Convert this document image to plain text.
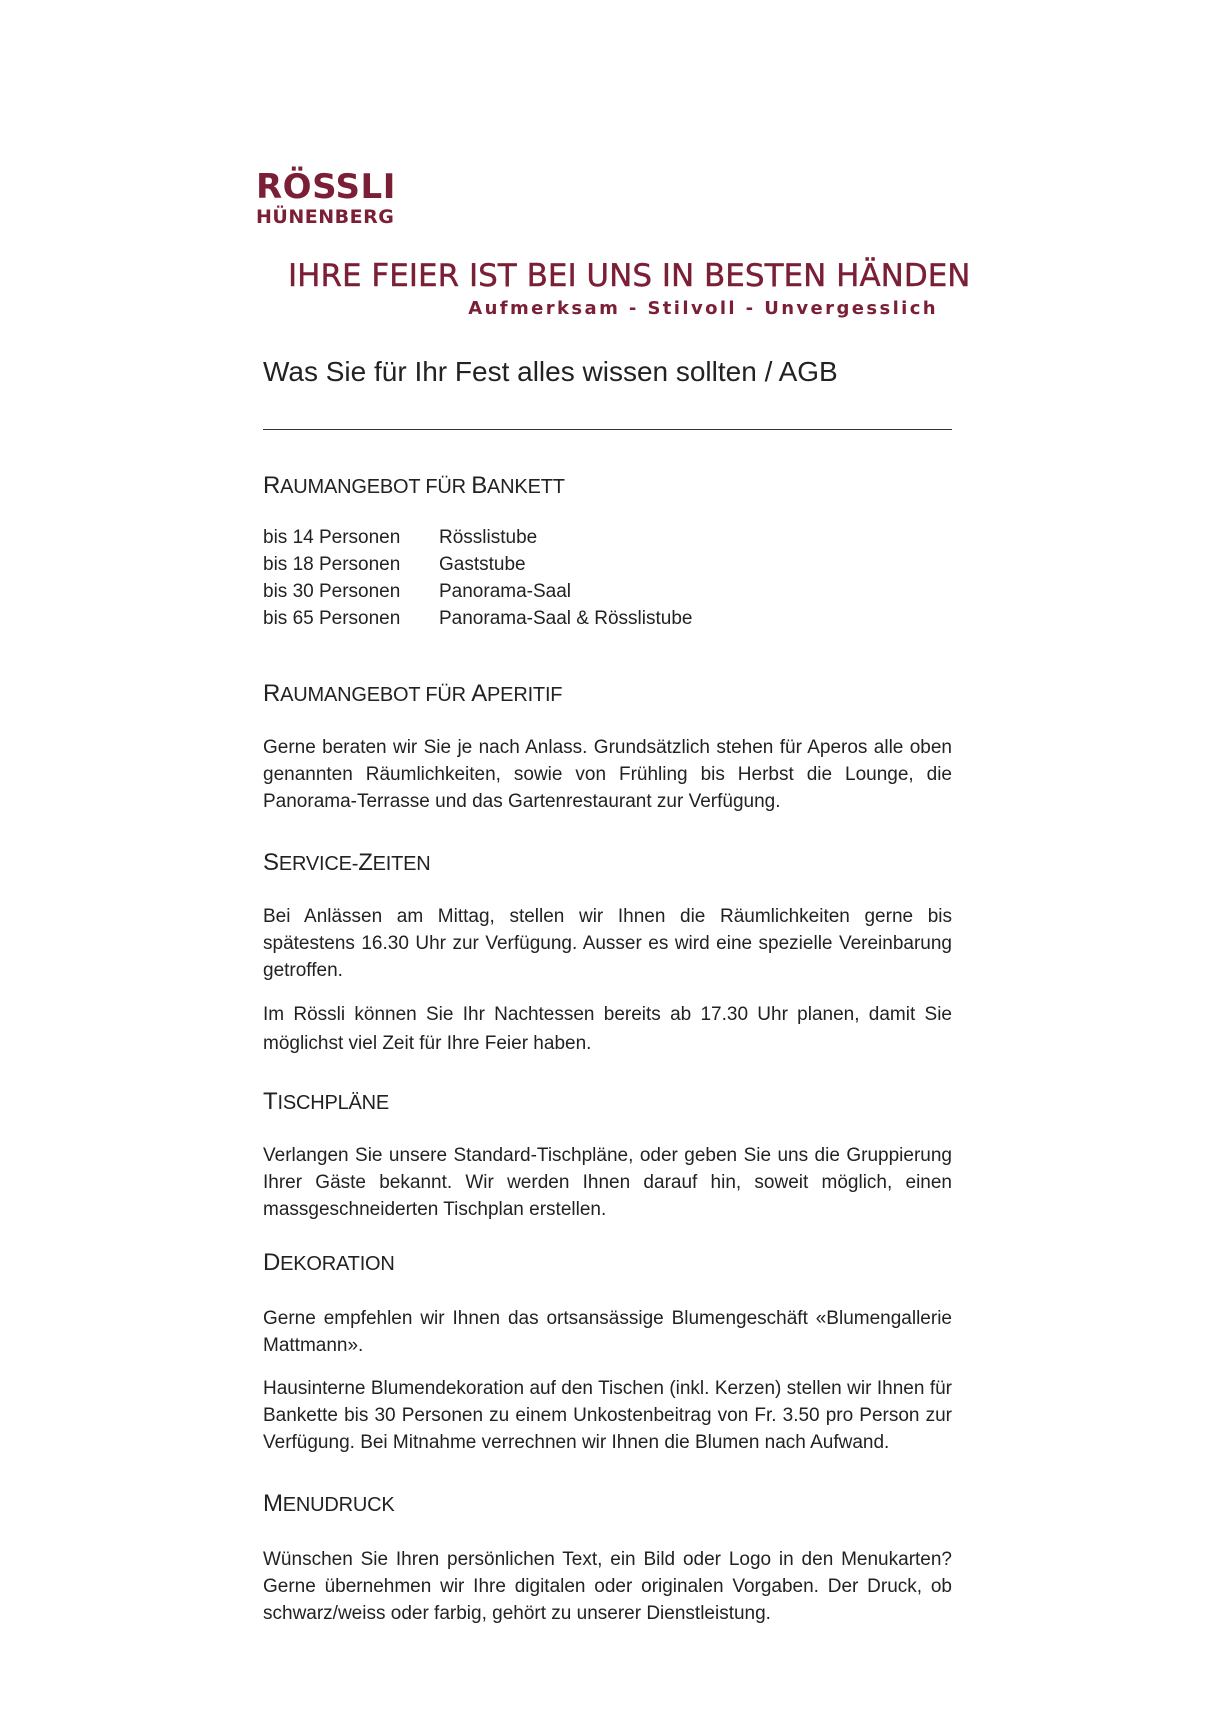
RÖSSLI
HÜNENBERG
IHRE FEIER IST BEI UNS IN BESTEN HÄNDEN
Aufmerksam - Stilvoll - Unvergesslich
Was Sie für Ihr Fest alles wissen sollten / AGB
RAUMANGEBOT FÜR BANKETT
bis 14 Personen	Rösslistube
bis 18 Personen	Gaststube
bis 30 Personen	Panorama-Saal
bis 65 Personen	Panorama-Saal & Rösslistube
RAUMANGEBOT FÜR APERITIF

Gerne beraten wir Sie je nach Anlass. Grundsätzlich stehen für Aperos alle oben genannten Räumlichkeiten, sowie von Frühling bis Herbst die Lounge, die Panorama-Terrasse und das Gartenrestaurant zur Verfügung.

SERVICE-ZEITEN

Bei Anlässen am Mittag, stellen wir Ihnen die Räumlichkeiten gerne bis spätestens 16.30 Uhr zur Verfügung. Ausser es wird eine spezielle Vereinbarung getroffen.

Im Rössli können Sie Ihr Nachtessen bereits ab 17.30 Uhr planen, damit Sie möglichst viel Zeit für Ihre Feier haben.

TISCHPLÄNE

Verlangen Sie unsere Standard-Tischpläne, oder geben Sie uns die Gruppierung Ihrer Gäste bekannt. Wir werden Ihnen darauf hin, soweit möglich, einen massgeschneiderten Tischplan erstellen.

DEKORATION

Gerne empfehlen wir Ihnen das ortsansässige Blumengeschäft «Blumengallerie Mattmann».

Hausinterne Blumendekoration auf den Tischen (inkl. Kerzen) stellen wir Ihnen für Bankette bis 30 Personen zu einem Unkostenbeitrag von Fr. 3.50 pro Person zur Verfügung. Bei Mitnahme verrechnen wir Ihnen die Blumen nach Aufwand.

MENUDRUCK

Wünschen Sie Ihren persönlichen Text, ein Bild oder Logo in den Menukarten? Gerne übernehmen wir Ihre digitalen oder originalen Vorgaben. Der Druck, ob schwarz/weiss oder farbig, gehört zu unserer Dienstleistung.
